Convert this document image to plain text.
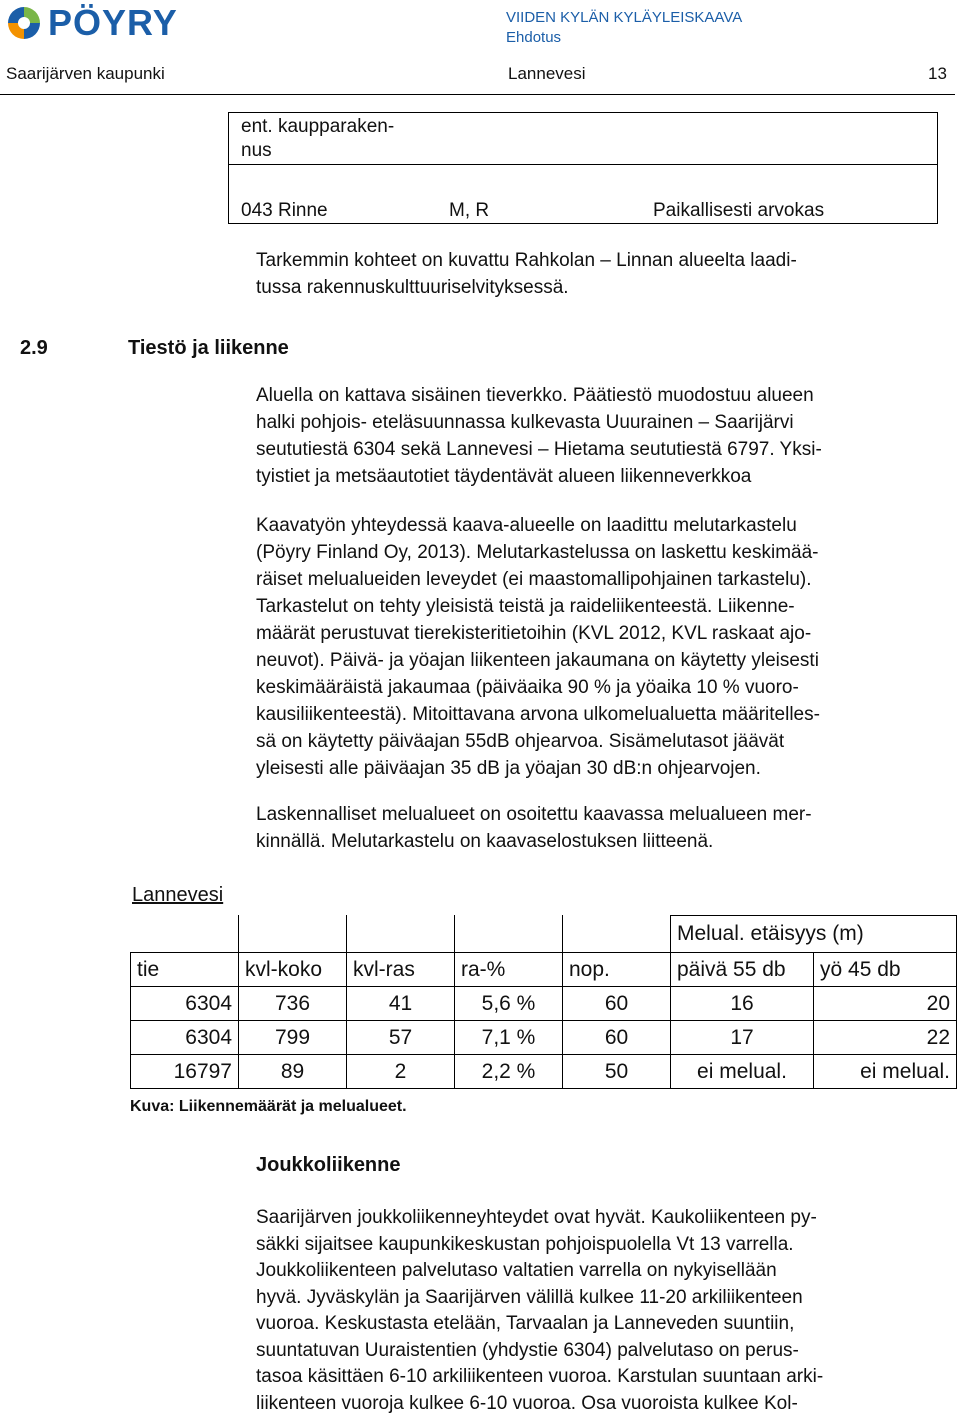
PÖYRY	VIIDEN KYLÄN KYLÄYLEISKAAVA
Ehdotus
Saarijärven kaupunki	Lannevesi	13
ent. kaupparaken-
nus
043 Rinne	M, R	Paikallisesti arvokas
Tarkemmin kohteet on kuvattu Rahkolan – Linnan alueelta laadi-
tussa rakennuskulttuuriselvityksessä.
2.9	Tiestö ja liikenne
Aluella on kattava sisäinen tieverkko. Päätiestö muodostuu alueen
halki pohjois- eteläsuunnassa kulkevasta Uuurainen – Saarijärvi
seututiestä 6304 sekä Lannevesi – Hietama seututiestä 6797. Yksi-
tyistiet ja metsäautotiet täydentävät alueen liikenneverkkoa
Kaavatyön yhteydessä kaava-alueelle on laadittu melutarkastelu
(Pöyry Finland Oy, 2013). Melutarkastelussa on laskettu keskimää-
räiset melualueiden leveydet (ei maastomallipohjainen tarkastelu).
Tarkastelut on tehty yleisistä teistä ja raideliikenteestä. Liikenne-
määrät perustuvat tierekisteritietoihin (KVL 2012, KVL raskaat ajo-
neuvot). Päivä- ja yöajan liikenteen jakaumana on käytetty yleisesti
keskimääräistä jakaumaa (päiväaika 90 % ja yöaika 10 % vuoro-
kausiliikenteestä). Mitoittavana arvona ulkomelualuetta määritelles-
sä on käytetty päiväajan 55dB ohjearvoa. Sisämelutasot jäävät
yleisesti alle päiväajan 35 dB ja yöajan 30 dB:n ohjearvojen.
Laskennalliset melualueet on osoitettu kaavassa melualueen mer-
kinnällä. Melutarkastelu on kaavaselostuksen liitteenä.
Lannevesi
					Melual. etäisyys (m)	
tie	kvl-koko	kvl-ras	ra-%	nop.	päivä 55 db	yö 45 db
6304	736	41	5,6 %	60	16	20
6304	799	57	7,1 %	60	17	22
16797	89	2	2,2 %	50	ei melual.	ei melual.
Kuva: Liikennemäärät ja melualueet.
Joukkoliikenne
Saarijärven joukkoliikenneyhteydet ovat hyvät. Kaukoliikenteen py-
säkki sijaitsee kaupunkikeskustan pohjoispuolella Vt 13 varrella.
Joukkoliikenteen palvelutaso valtatien varrella on nykyisellään
hyvä. Jyväskylän ja Saarijärven välillä kulkee 11-20 arkiliikenteen
vuoroa. Keskustasta etelään, Tarvaalan ja Lanneveden suuntiin,
suuntatuvan Uuraistentien (yhdystie 6304) palvelutaso on perus-
tasoa käsittäen 6-10 arkiliikenteen vuoroa. Karstulan suuntaan arki-
liikenteen vuoroja kulkee 6-10 vuoroa. Osa vuoroista kulkee Kol-
